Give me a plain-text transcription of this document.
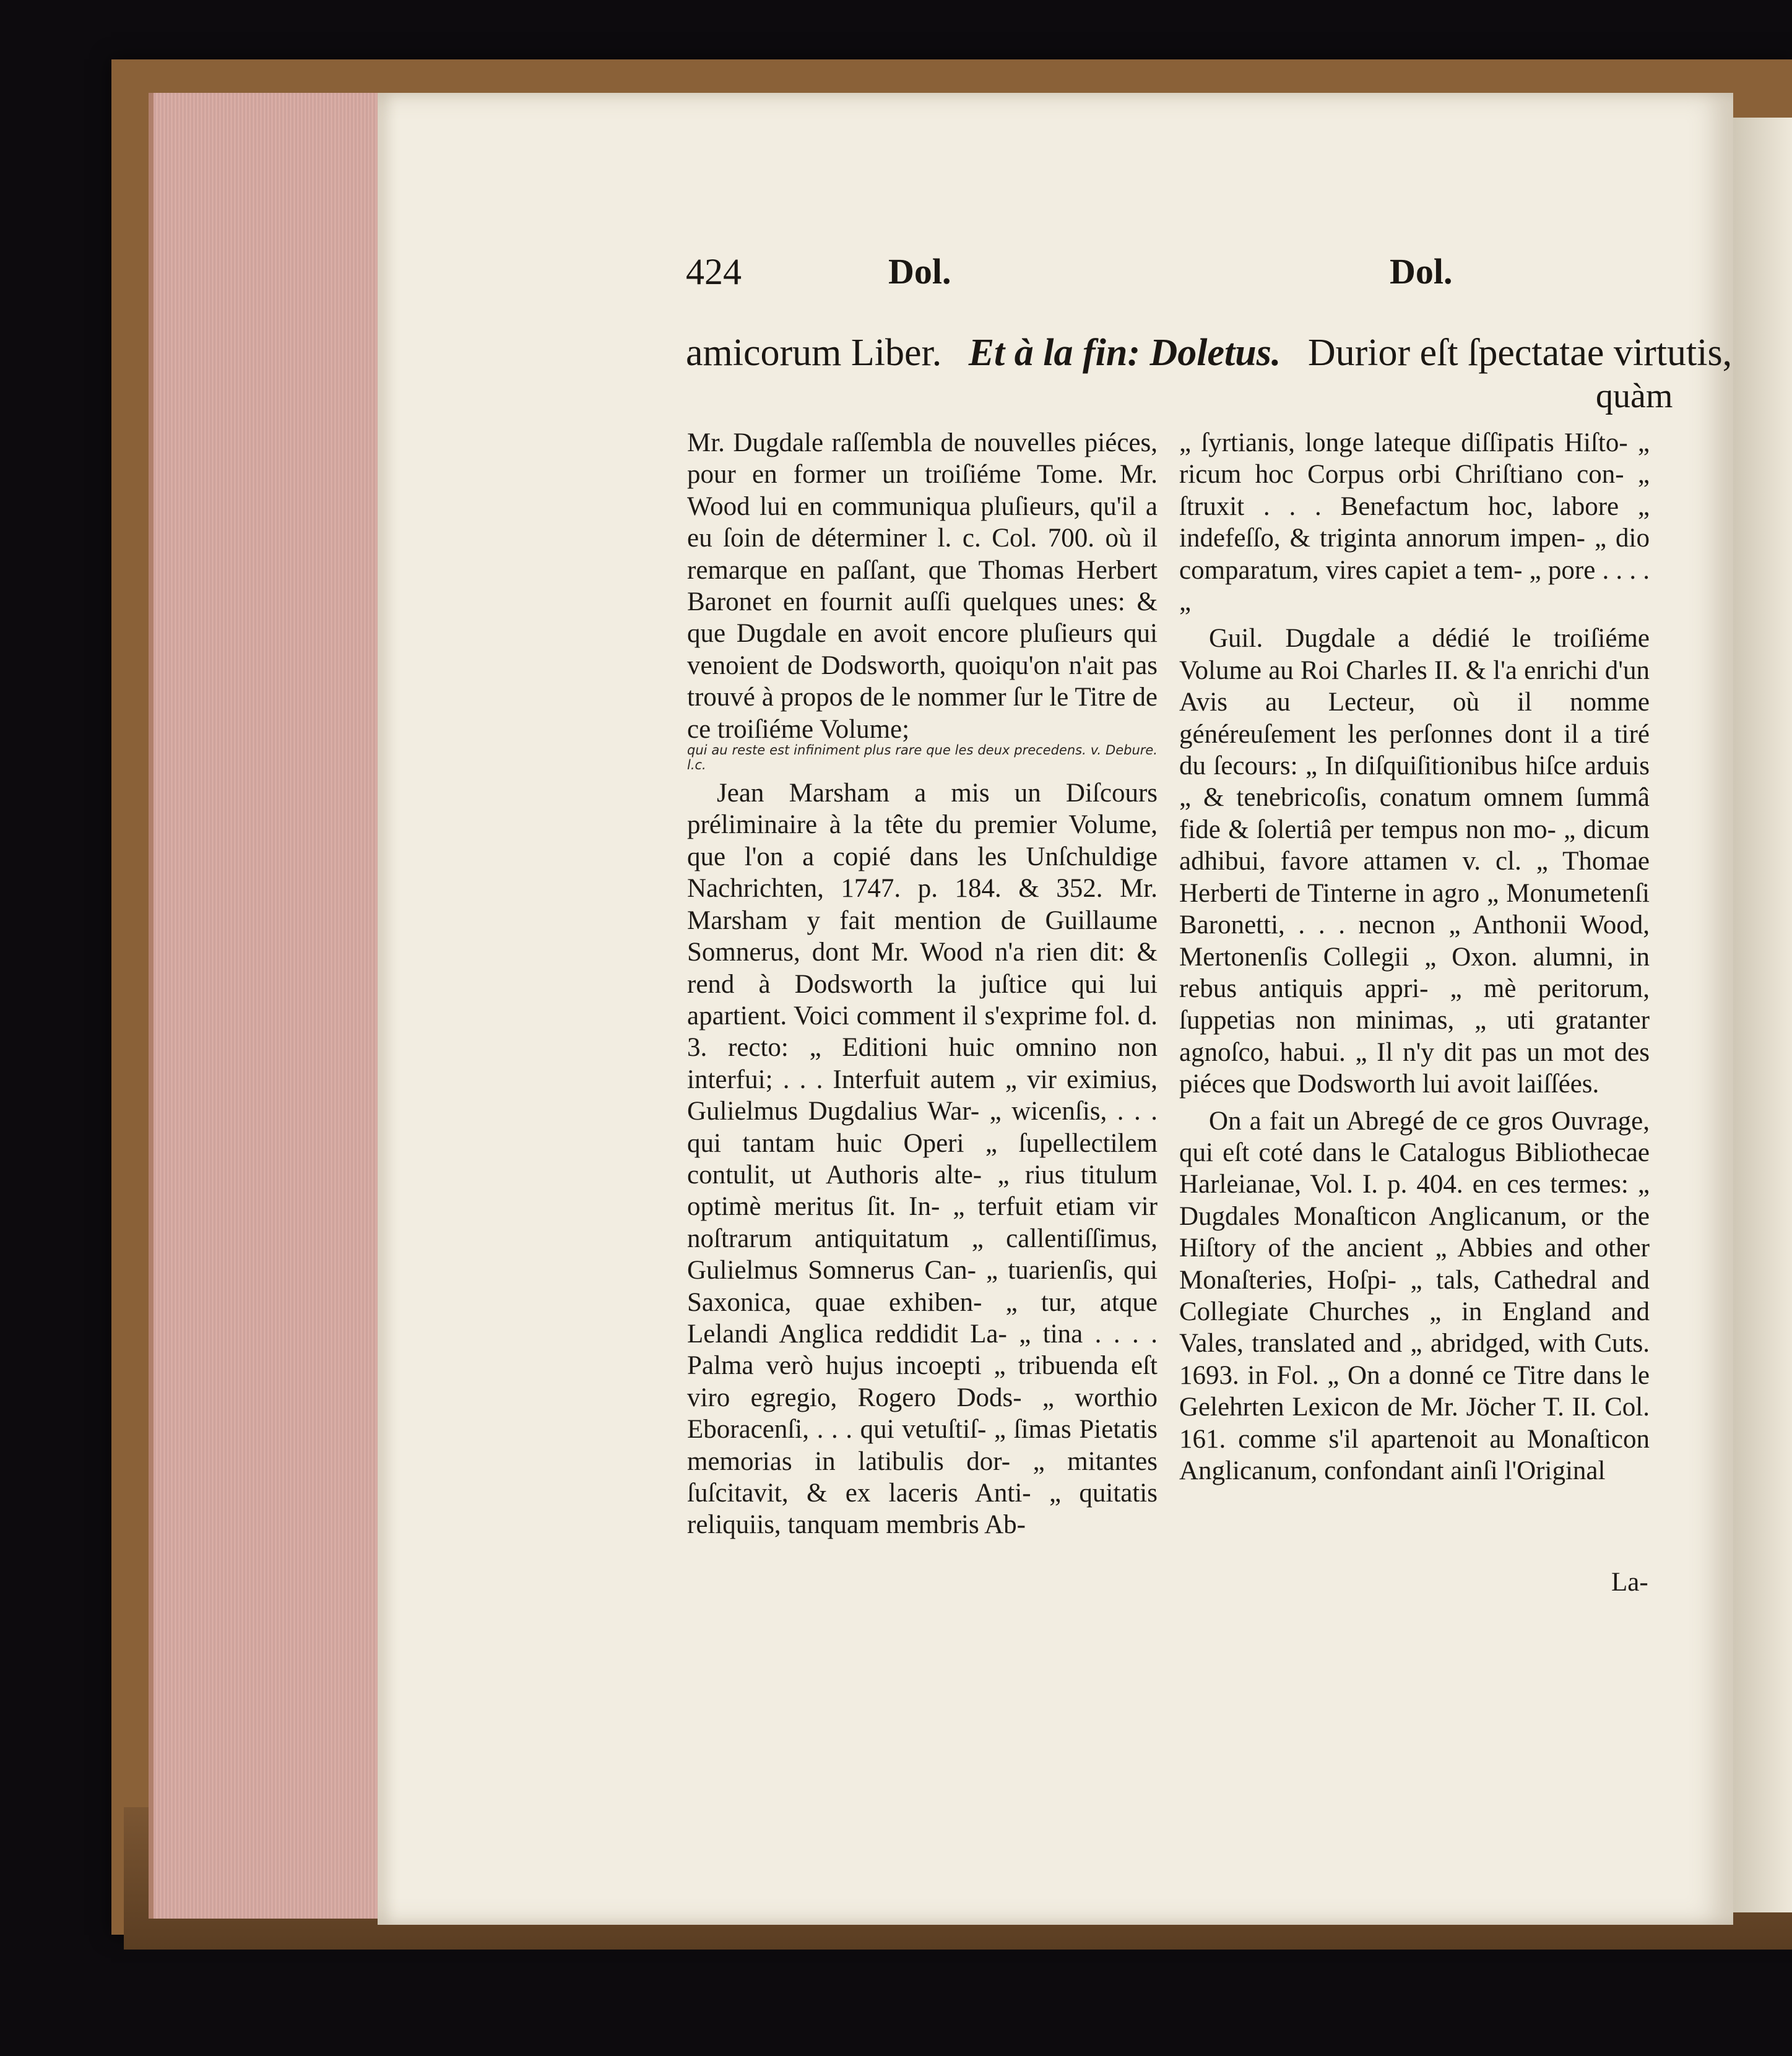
424	Dol.	Dol.
amicorum Liber. Et à la fin: Doletus. Durior eſt ſpectatae virtutis,
quàm

Mr. Dugdale raſſembla de nouvelles piéces, pour en former un troiſiéme Tome. Mr. Wood lui en communiqua pluſieurs, qu'il a eu ſoin de déterminer l. c. Col. 700. où il remarque en paſſant, que Thomas Herbert Baronet en fournit auſſi quelques unes: & que Dugdale en avoit encore pluſieurs qui venoient de Dodsworth, quoiqu'on n'ait pas trouvé à propos de le nommer ſur le Titre de ce troiſiéme Volume;

qui au reste est infiniment plus rare que les deux precedens. v. Debure. l.c.

Jean Marsham a mis un Diſcours préliminaire à la tête du premier Volume, que l'on a copié dans les Unſchuldige Nachrichten, 1747. p. 184. & 352. Mr. Marsham y fait mention de Guillaume Somnerus, dont Mr. Wood n'a rien dit: & rend à Dodsworth la juſtice qui lui apartient. Voici comment il s'exprime fol. d. 3. recto: „ Editioni huic omnino non interfui; . . . Interfuit autem „ vir eximius, Gulielmus Dugdalius War- „ wicenſis, . . . qui tantam huic Operi „ ſupellectilem contulit, ut Authoris alte- „ rius titulum optimè meritus ſit. In- „ terfuit etiam vir noſtrarum antiquitatum „ callentiſſimus, Gulielmus Somnerus Can- „ tuarienſis, qui Saxonica, quae exhiben- „ tur, atque Lelandi Anglica reddidit La- „ tina . . . . Palma verò hujus incoepti „ tribuenda eſt viro egregio, Rogero Dods- „ worthio Eboracenſi, . . . qui vetuſtiſ- „ ſimas Pietatis memorias in latibulis dor- „ mitantes ſuſcitavit, & ex laceris Anti- „ quitatis reliquiis, tanquam membris Ab-

„ ſyrtianis, longe lateque diſſipatis Hiſto- „ ricum hoc Corpus orbi Chriſtiano con- „ ſtruxit . . . Benefactum hoc, labore „ indefeſſo, & triginta annorum impen- „ dio comparatum, vires capiet a tem- „ pore . . . . „

Guil. Dugdale a dédié le troiſiéme Volume au Roi Charles II. & l'a enrichi d'un Avis au Lecteur, où il nomme généreuſement les perſonnes dont il a tiré du ſecours: „ In diſquiſitionibus hiſce arduis „ & tenebricoſis, conatum omnem ſummâ fide & ſolertiâ per tempus non mo- „ dicum adhibui, favore attamen v. cl. „ Thomae Herberti de Tinterne in agro „ Monumetenſi Baronetti, . . . necnon „ Anthonii Wood, Mertonenſis Collegii „ Oxon. alumni, in rebus antiquis appri- „ mè peritorum, ſuppetias non minimas, „ uti gratanter agnoſco, habui. „ Il n'y dit pas un mot des piéces que Dodsworth lui avoit laiſſées.

On a fait un Abregé de ce gros Ouvrage, qui eſt coté dans le Catalogus Bibliothecae Harleianae, Vol. I. p. 404. en ces termes: „ Dugdales Monaſticon Anglicanum, or the Hiſtory of the ancient „ Abbies and other Monaſteries, Hoſpi- „ tals, Cathedral and Collegiate Churches „ in England and Vales, translated and „ abridged, with Cuts. 1693. in Fol. „ On a donné ce Titre dans le Gelehrten Lexicon de Mr. Jöcher T. II. Col. 161. comme s'il apartenoit au Monaſticon Anglicanum, confondant ainſi l'Original

La-
